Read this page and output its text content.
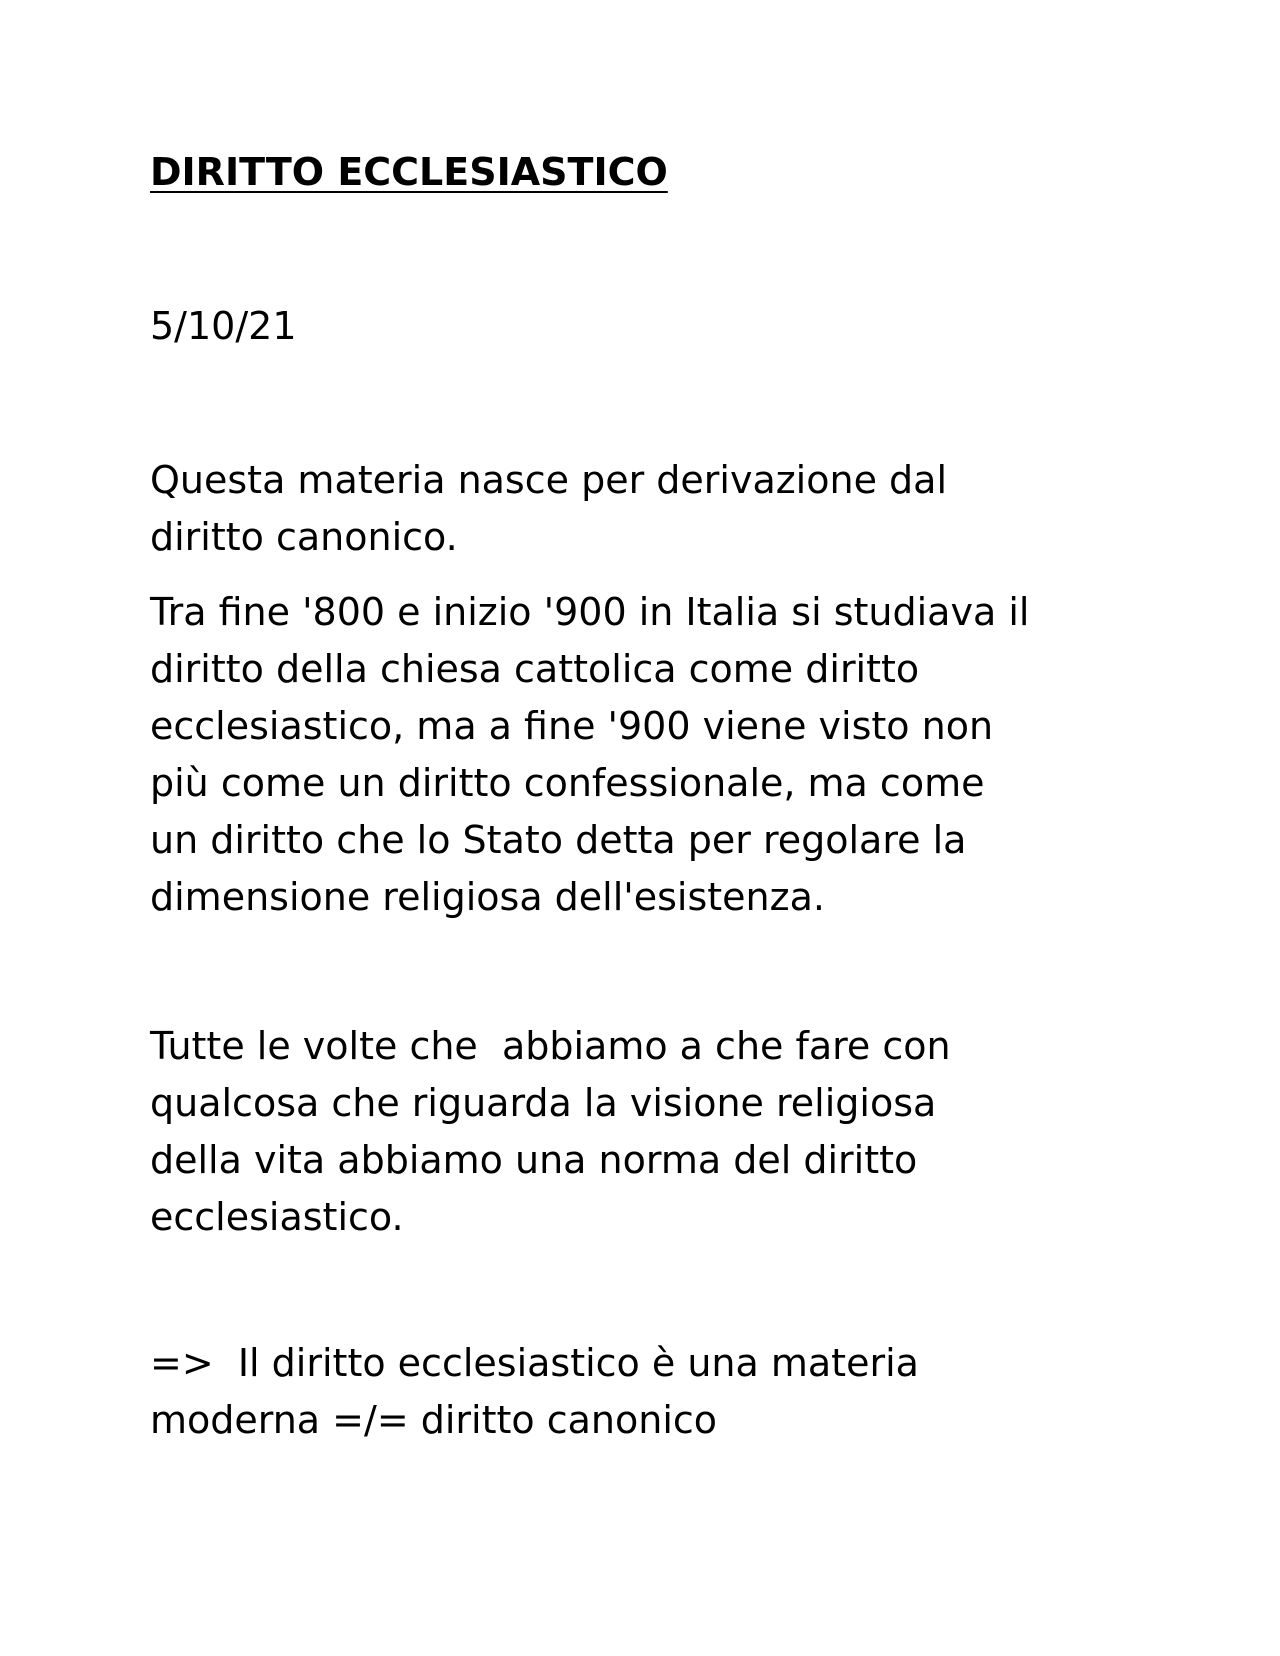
DIRITTO ECCLESIASTICO

5/10/21

Questa materia nasce per derivazione dal
diritto canonico.

Tra fine '800 e inizio '900 in Italia si studiava il
diritto della chiesa cattolica come diritto
ecclesiastico, ma a fine '900 viene visto non
più come un diritto confessionale, ma come
un diritto che lo Stato detta per regolare la
dimensione religiosa dell'esistenza.

Tutte le volte che  abbiamo a che fare con
qualcosa che riguarda la visione religiosa
della vita abbiamo una norma del diritto
ecclesiastico.

=>  Il diritto ecclesiastico è una materia
moderna =/= diritto canonico
